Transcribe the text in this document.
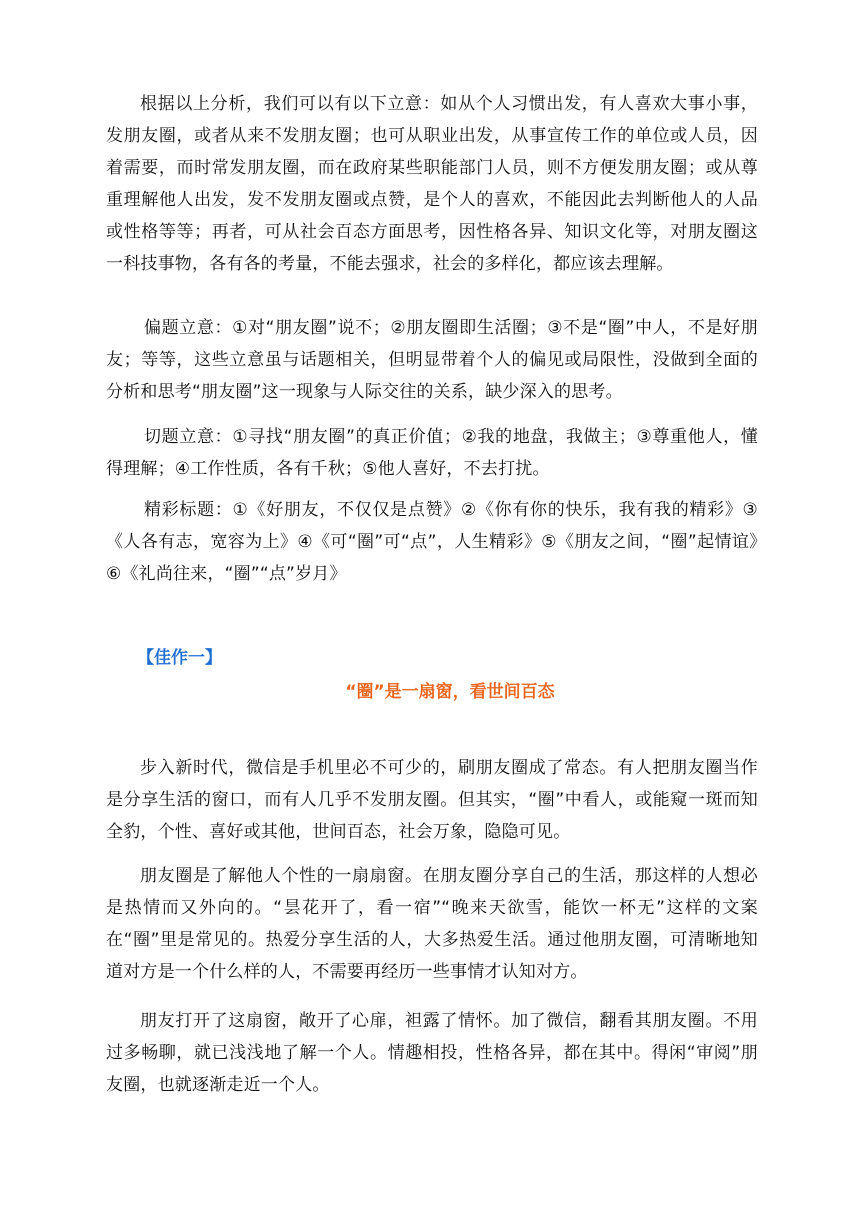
根据以上分析，我们可以有以下立意：如从个人习惯出发，有人喜欢大事小事，发朋友圈，或者从来不发朋友圈；也可从职业出发，从事宣传工作的单位或人员，因着需要，而时常发朋友圈，而在政府某些职能部门人员，则不方便发朋友圈；或从尊重理解他人出发，发不发朋友圈或点赞，是个人的喜欢，不能因此去判断他人的人品或性格等等；再者，可从社会百态方面思考，因性格各异、知识文化等，对朋友圈这一科技事物，各有各的考量，不能去强求，社会的多样化，都应该去理解。

偏题立意：①对“朋友圈”说不；②朋友圈即生活圈；③不是“圈”中人，不是好朋友；等等，这些立意虽与话题相关，但明显带着个人的偏见或局限性，没做到全面的分析和思考“朋友圈”这一现象与人际交往的关系，缺少深入的思考。

切题立意：①寻找“朋友圈”的真正价值；②我的地盘，我做主；③尊重他人，懂得理解；④工作性质，各有千秋；⑤他人喜好，不去打扰。

精彩标题：①《好朋友，不仅仅是点赞》②《你有你的快乐，我有我的精彩》③《人各有志，宽容为上》④《可“圈”可“点”，人生精彩》⑤《朋友之间，“圈”起情谊》⑥《礼尚往来，“圈”“点”岁月》

【佳作一】

“圈”是一扇窗，看世间百态

步入新时代，微信是手机里必不可少的，刷朋友圈成了常态。有人把朋友圈当作是分享生活的窗口，而有人几乎不发朋友圈。但其实，“圈”中看人，或能窥一斑而知全豹，个性、喜好或其他，世间百态，社会万象，隐隐可见。

朋友圈是了解他人个性的一扇扇窗。在朋友圈分享自己的生活，那这样的人想必是热情而又外向的。“昙花开了，看一宿”“晚来天欲雪，能饮一杯无”这样的文案在“圈”里是常见的。热爱分享生活的人，大多热爱生活。通过他朋友圈，可清晰地知道对方是一个什么样的人，不需要再经历一些事情才认知对方。

朋友打开了这扇窗，敞开了心扉，袒露了情怀。加了微信，翻看其朋友圈。不用过多畅聊，就已浅浅地了解一个人。情趣相投，性格各异，都在其中。得闲“审阅”朋友圈，也就逐渐走近一个人。
